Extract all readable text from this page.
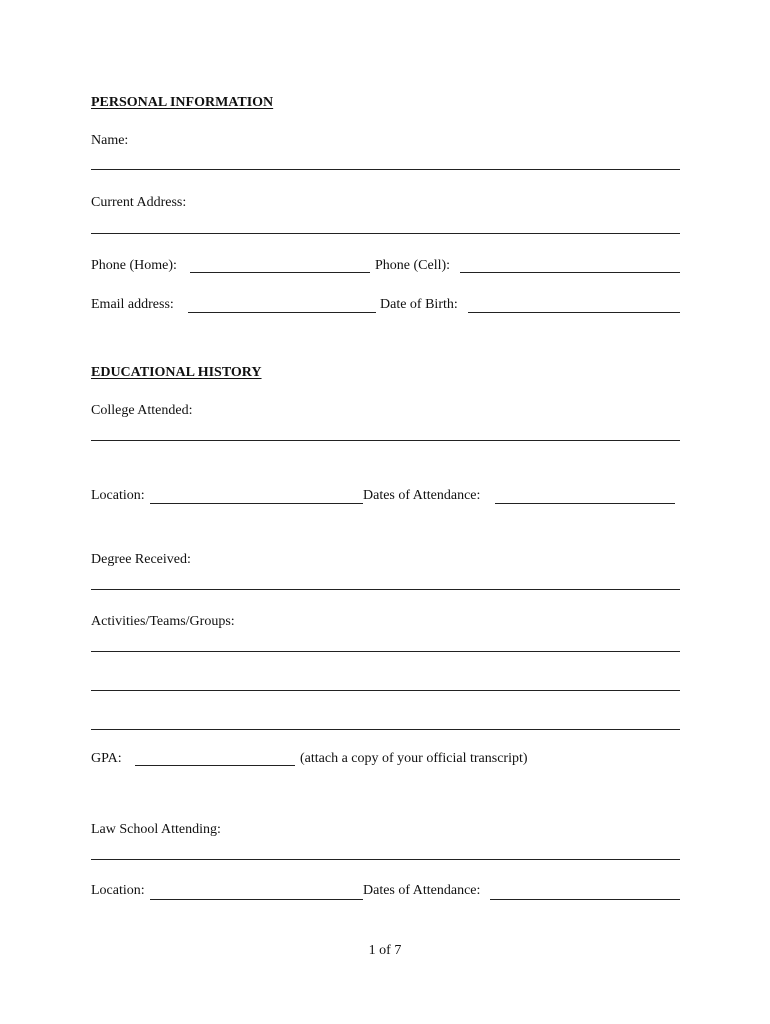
PERSONAL INFORMATION
Name:
Current Address:
Phone (Home):	Phone (Cell):
Email address:	Date of Birth:
EDUCATIONAL HISTORY
College Attended:
Location:	Dates of Attendance:
Degree Received:
Activities/Teams/Groups:
GPA:	(attach a copy of your official transcript)
Law School Attending:
Location:	Dates of Attendance:
1 of 7
